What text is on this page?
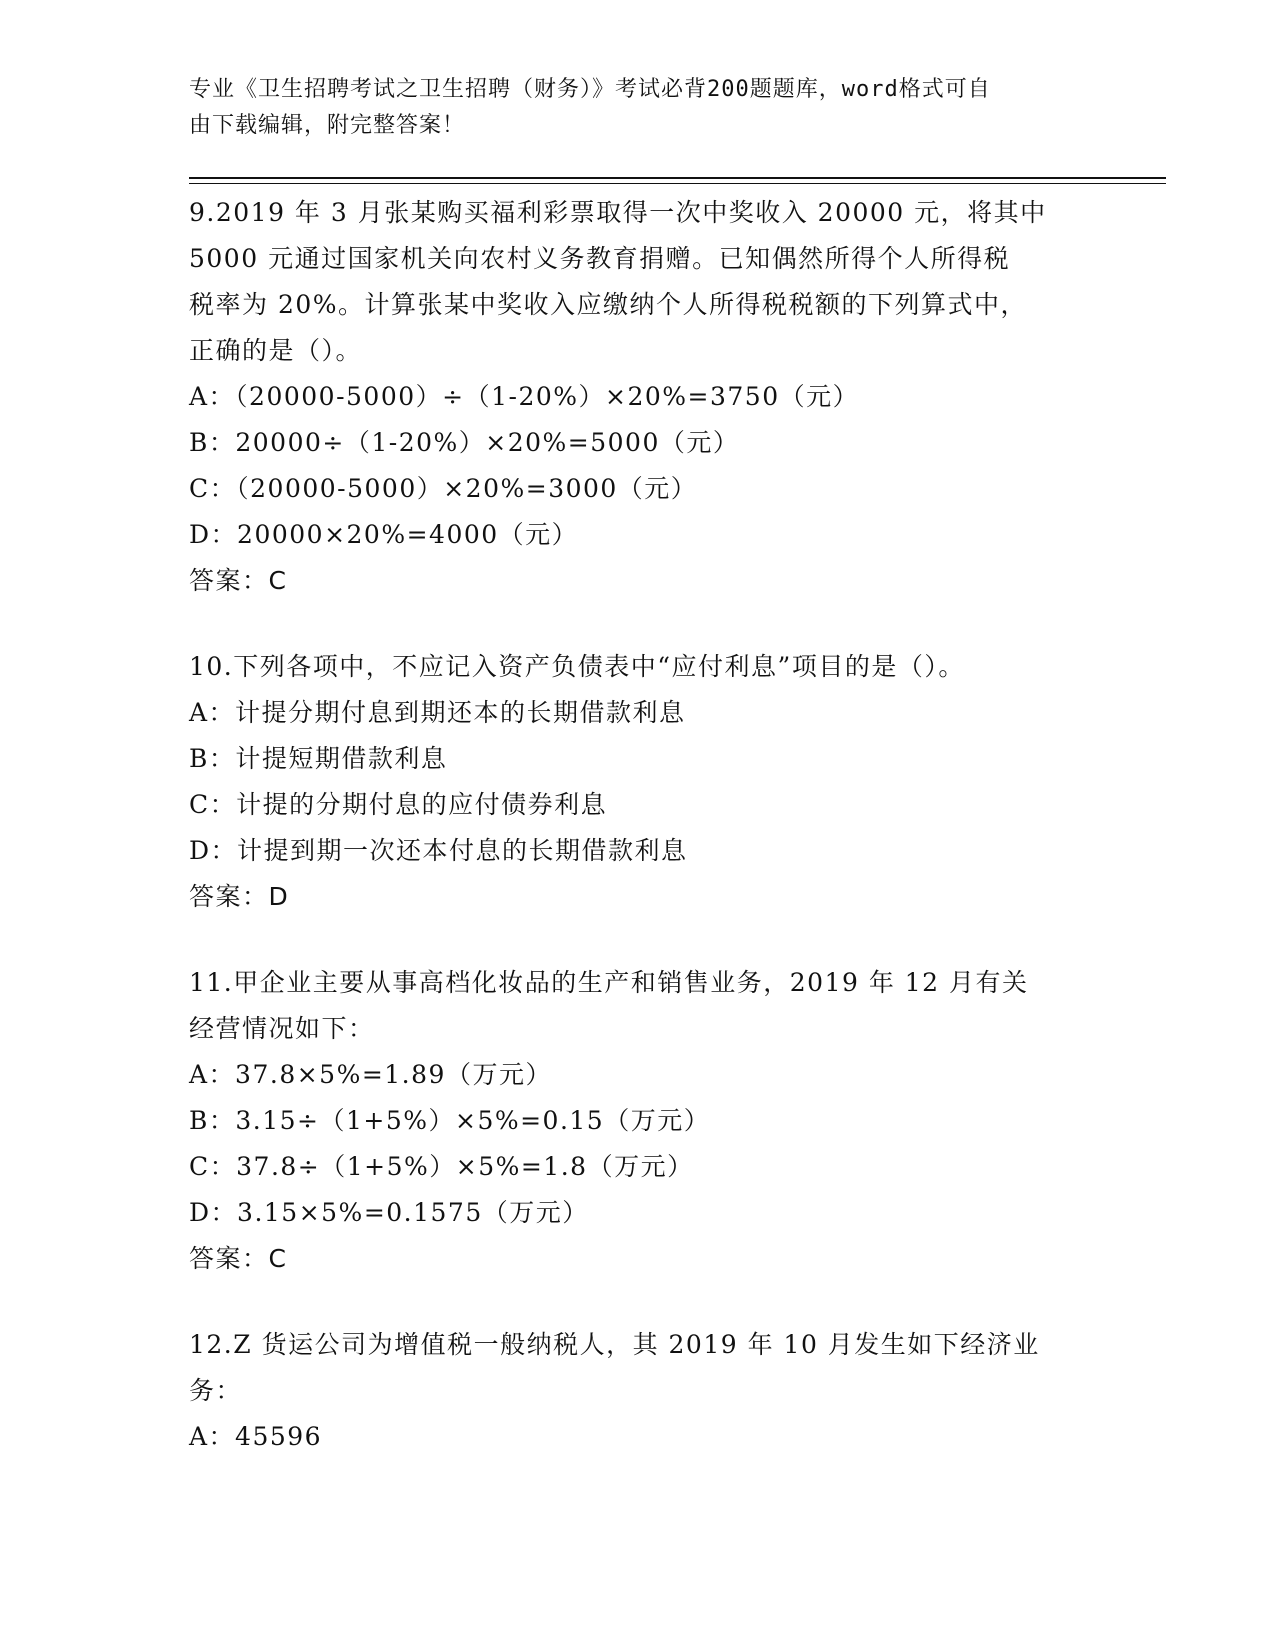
专业《卫生招聘考试之卫生招聘（财务）》考试必背200题题库，word格式可自
由下载编辑，附完整答案！
9.2019 年 3 月张某购买福利彩票取得一次中奖收入 20000 元，将其中
5000 元通过国家机关向农村义务教育捐赠。已知偶然所得个人所得税
税率为 20%。计算张某中奖收入应缴纳个人所得税税额的下列算式中，
正确的是（）。
A：（20000-5000）÷（1-20%）×20%=3750（元）
B：20000÷（1-20%）×20%=5000（元）
C：（20000-5000）×20%=3000（元）
D：20000×20%=4000（元）
答案：C
10.下列各项中，不应记入资产负债表中“应付利息”项目的是（）。
A：计提分期付息到期还本的长期借款利息
B：计提短期借款利息
C：计提的分期付息的应付债券利息
D：计提到期一次还本付息的长期借款利息
答案：D
11.甲企业主要从事高档化妆品的生产和销售业务，2019 年 12 月有关
经营情况如下：
A：37.8×5%=1.89（万元）
B：3.15÷（1+5%）×5%=0.15（万元）
C：37.8÷（1+5%）×5%=1.8（万元）
D：3.15×5%=0.1575（万元）
答案：C
12.Z 货运公司为增值税一般纳税人，其 2019 年 10 月发生如下经济业
务：
A：45596
